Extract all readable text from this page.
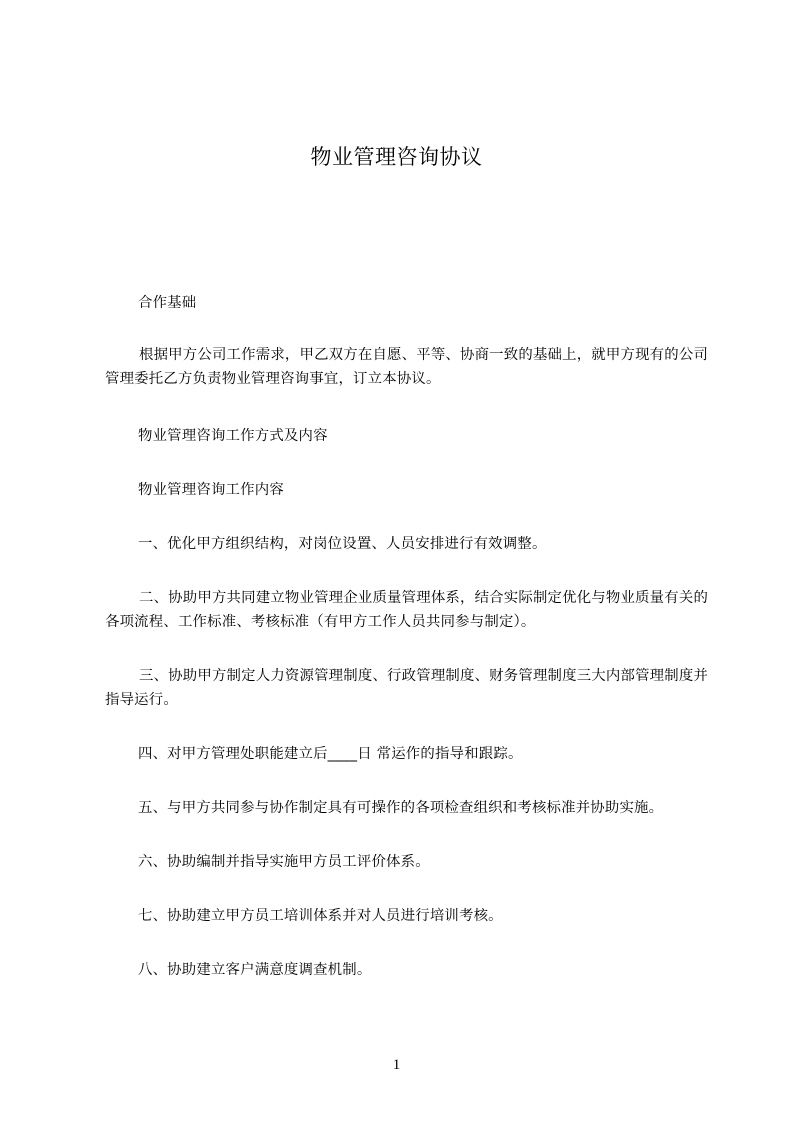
物业管理咨询协议

合作基础

根据甲方公司工作需求，甲乙双方在自愿、平等、协商一致的基础上，就甲方现有的公司管理委托乙方负责物业管理咨询事宜，订立本协议。

物业管理咨询工作方式及内容

物业管理咨询工作内容

一、优化甲方组织结构，对岗位设置、人员安排进行有效调整。

二、协助甲方共同建立物业管理企业质量管理体系，结合实际制定优化与物业质量有关的各项流程、工作标准、考核标准（有甲方工作人员共同参与制定）。

三、协助甲方制定人力资源管理制度、行政管理制度、财务管理制度三大内部管理制度并指导运行。

四、对甲方管理处职能建立后____日 常运作的指导和跟踪。

五、与甲方共同参与协作制定具有可操作的各项检查组织和考核标准并协助实施。

六、协助编制并指导实施甲方员工评价体系。

七、协助建立甲方员工培训体系并对人员进行培训考核。

八、协助建立客户满意度调查机制。

1
